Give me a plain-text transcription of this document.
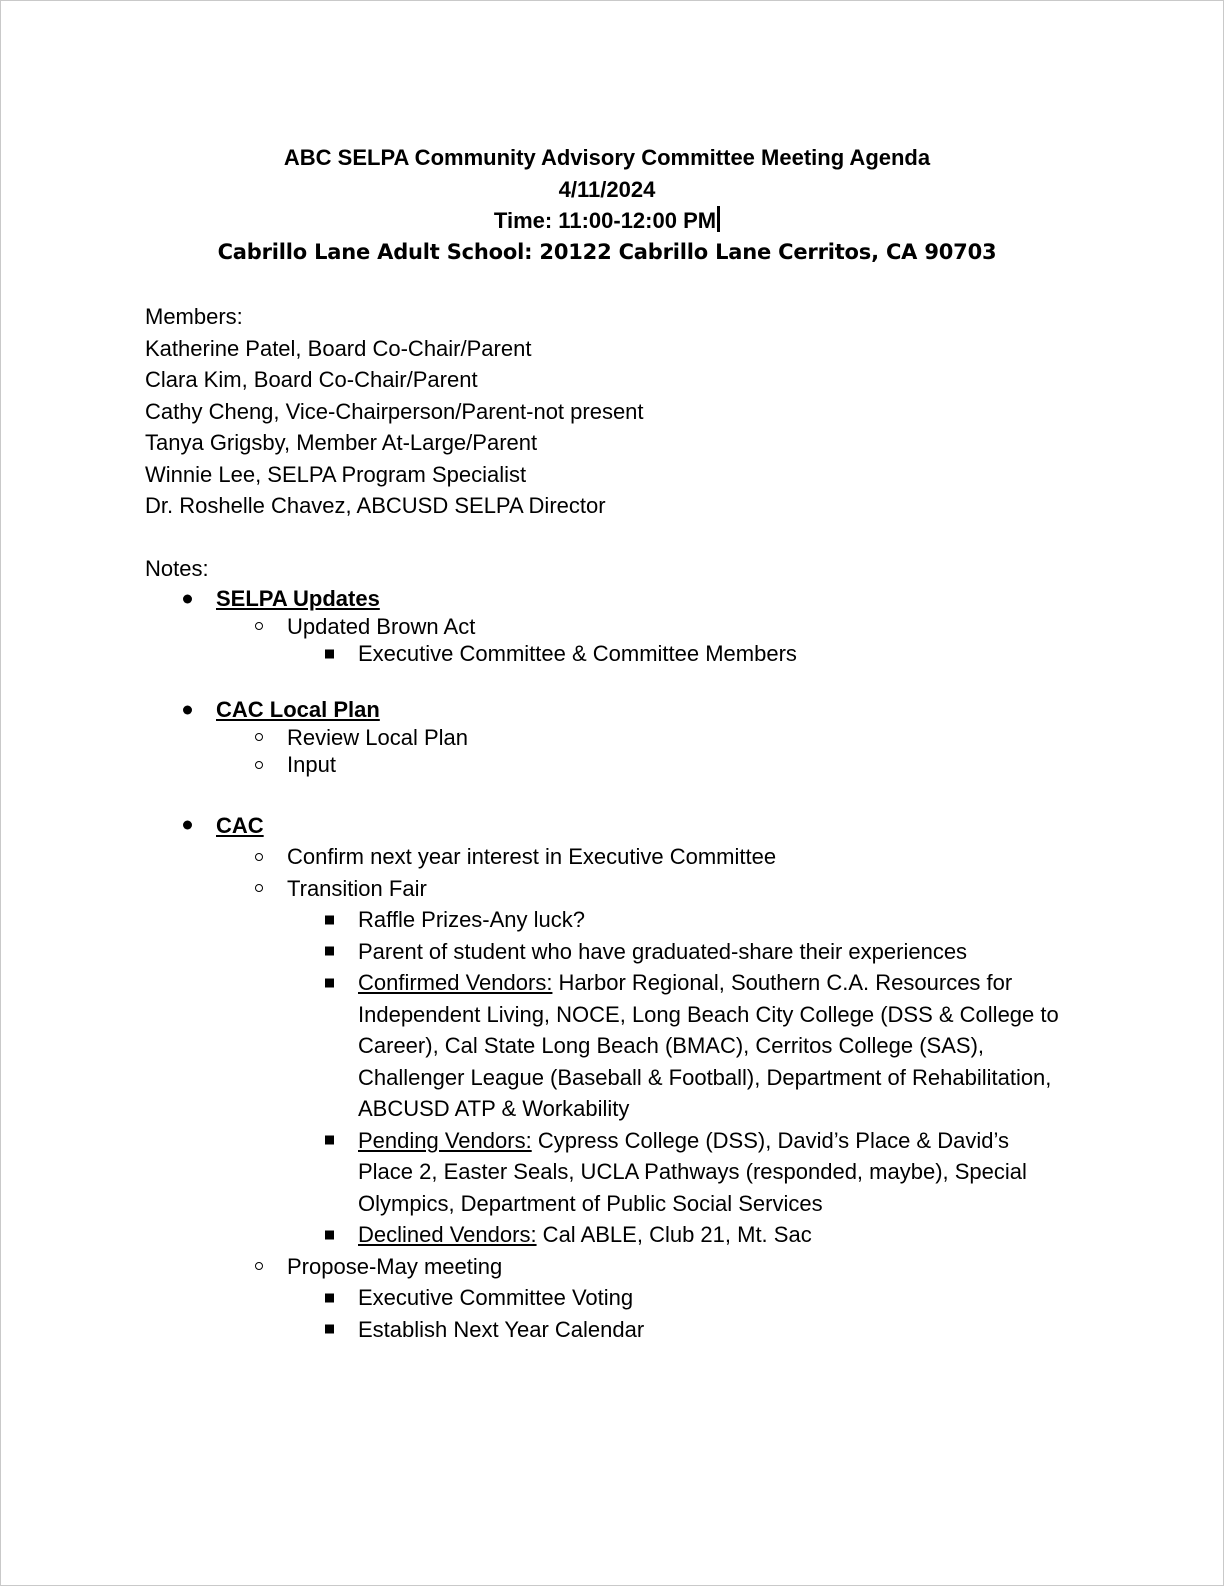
ABC SELPA Community Advisory Committee Meeting Agenda
4/11/2024
Time: 11:00-12:00 PM
Cabrillo Lane Adult School: 20122 Cabrillo Lane Cerritos, CA 90703
Members:
Katherine Patel, Board Co-Chair/Parent
Clara Kim, Board Co-Chair/Parent
Cathy Cheng, Vice-Chairperson/Parent-not present
Tanya Grigsby, Member At-Large/Parent
Winnie Lee, SELPA Program Specialist
Dr. Roshelle Chavez, ABCUSD SELPA Director
Notes:
SELPA Updates
Updated Brown Act
Executive Committee & Committee Members
CAC Local Plan
Review Local Plan
Input
CAC
Confirm next year interest in Executive Committee
Transition Fair
Raffle Prizes-Any luck?
Parent of student who have graduated-share their experiences
Confirmed Vendors: Harbor Regional, Southern C.A. Resources for Independent Living, NOCE, Long Beach City College (DSS & College to Career), Cal State Long Beach (BMAC), Cerritos College (SAS), Challenger League (Baseball & Football), Department of Rehabilitation, ABCUSD ATP & Workability
Pending Vendors: Cypress College (DSS), David’s Place & David’s Place 2, Easter Seals, UCLA Pathways (responded, maybe), Special Olympics, Department of Public Social Services
Declined Vendors: Cal ABLE, Club 21, Mt. Sac
Propose-May meeting
Executive Committee Voting
Establish Next Year Calendar
